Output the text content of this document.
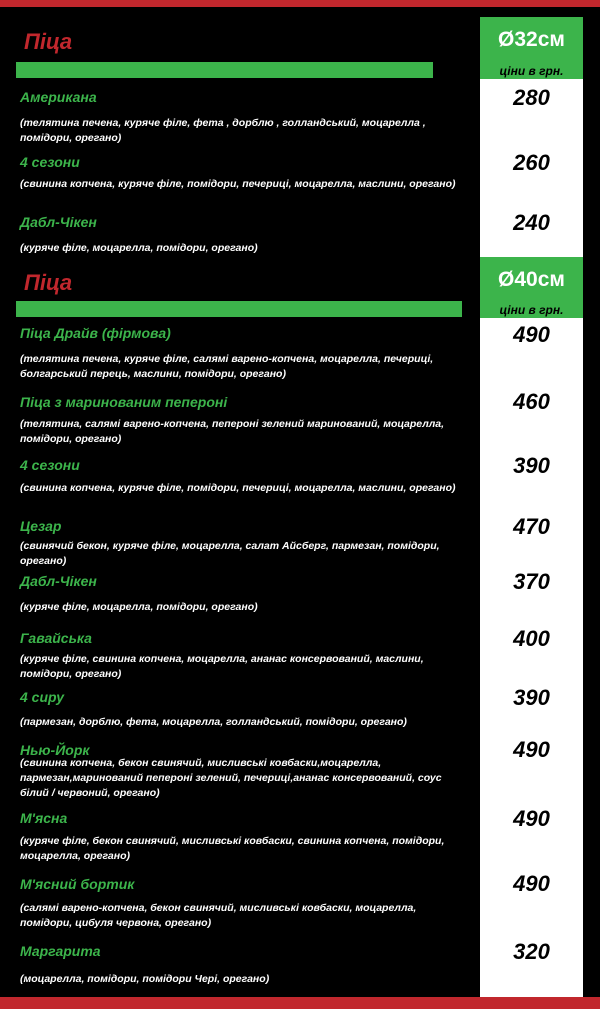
Піца	Ø32см
ціни в грн.
Американа
(телятина печена, куряче філе, фета , дорблю , голландський, моцарелла , помідори, орегано)
280
4 сезони
(свинина копчена, куряче філе, помідори, печериці, моцарелла, маслини, орегано)
260
Дабл-Чікен
(куряче філе, моцарелла, помідори, орегано)
240
Піца	Ø40см
ціни в грн.
Піца Драйв (фірмова)
(телятина печена, куряче філе, салямі варено-копчена, моцарелла, печериці, болгарський перець, маслини, помідори, орегано)
490
Піца з маринованим пепероні
(телятина, салямі варено-копчена, пепероні зелений маринований, моцарелла, помідори, орегано)
460
4 сезони
(свинина копчена, куряче філе, помідори, печериці, моцарелла, маслини, орегано)
390
Цезар
(свинячий бекон, куряче філе, моцарелла, салат Айсберг, пармезан, помідори, орегано)
470
Дабл-Чікен
(куряче філе, моцарелла, помідори, орегано)
370
Гавайська
(куряче філе, свинина копчена, моцарелла, ананас консервований, маслини, помідори, орегано)
400
4 сиру
(пармезан, дорблю, фета, моцарелла, голландський, помідори, орегано)
390
Нью-Йорк
(свинина копчена, бекон свинячий, мисливські ковбаски,моцарелла, пармезан,маринований пепероні зелений, печериці,ананас консервований, соус білий / червоний, орегано)
490
М'ясна
(куряче філе, бекон свинячий, мисливські ковбаски, свинина копчена, помідори, моцарелла, орегано)
490
М'ясний бортик
(салямі варено-копчена, бекон свинячий, мисливські ковбаски, моцарелла, помідори, цибуля червона, орегано)
490
Маргарита
(моцарелла, помідори, помідори Чері, орегано)
320
